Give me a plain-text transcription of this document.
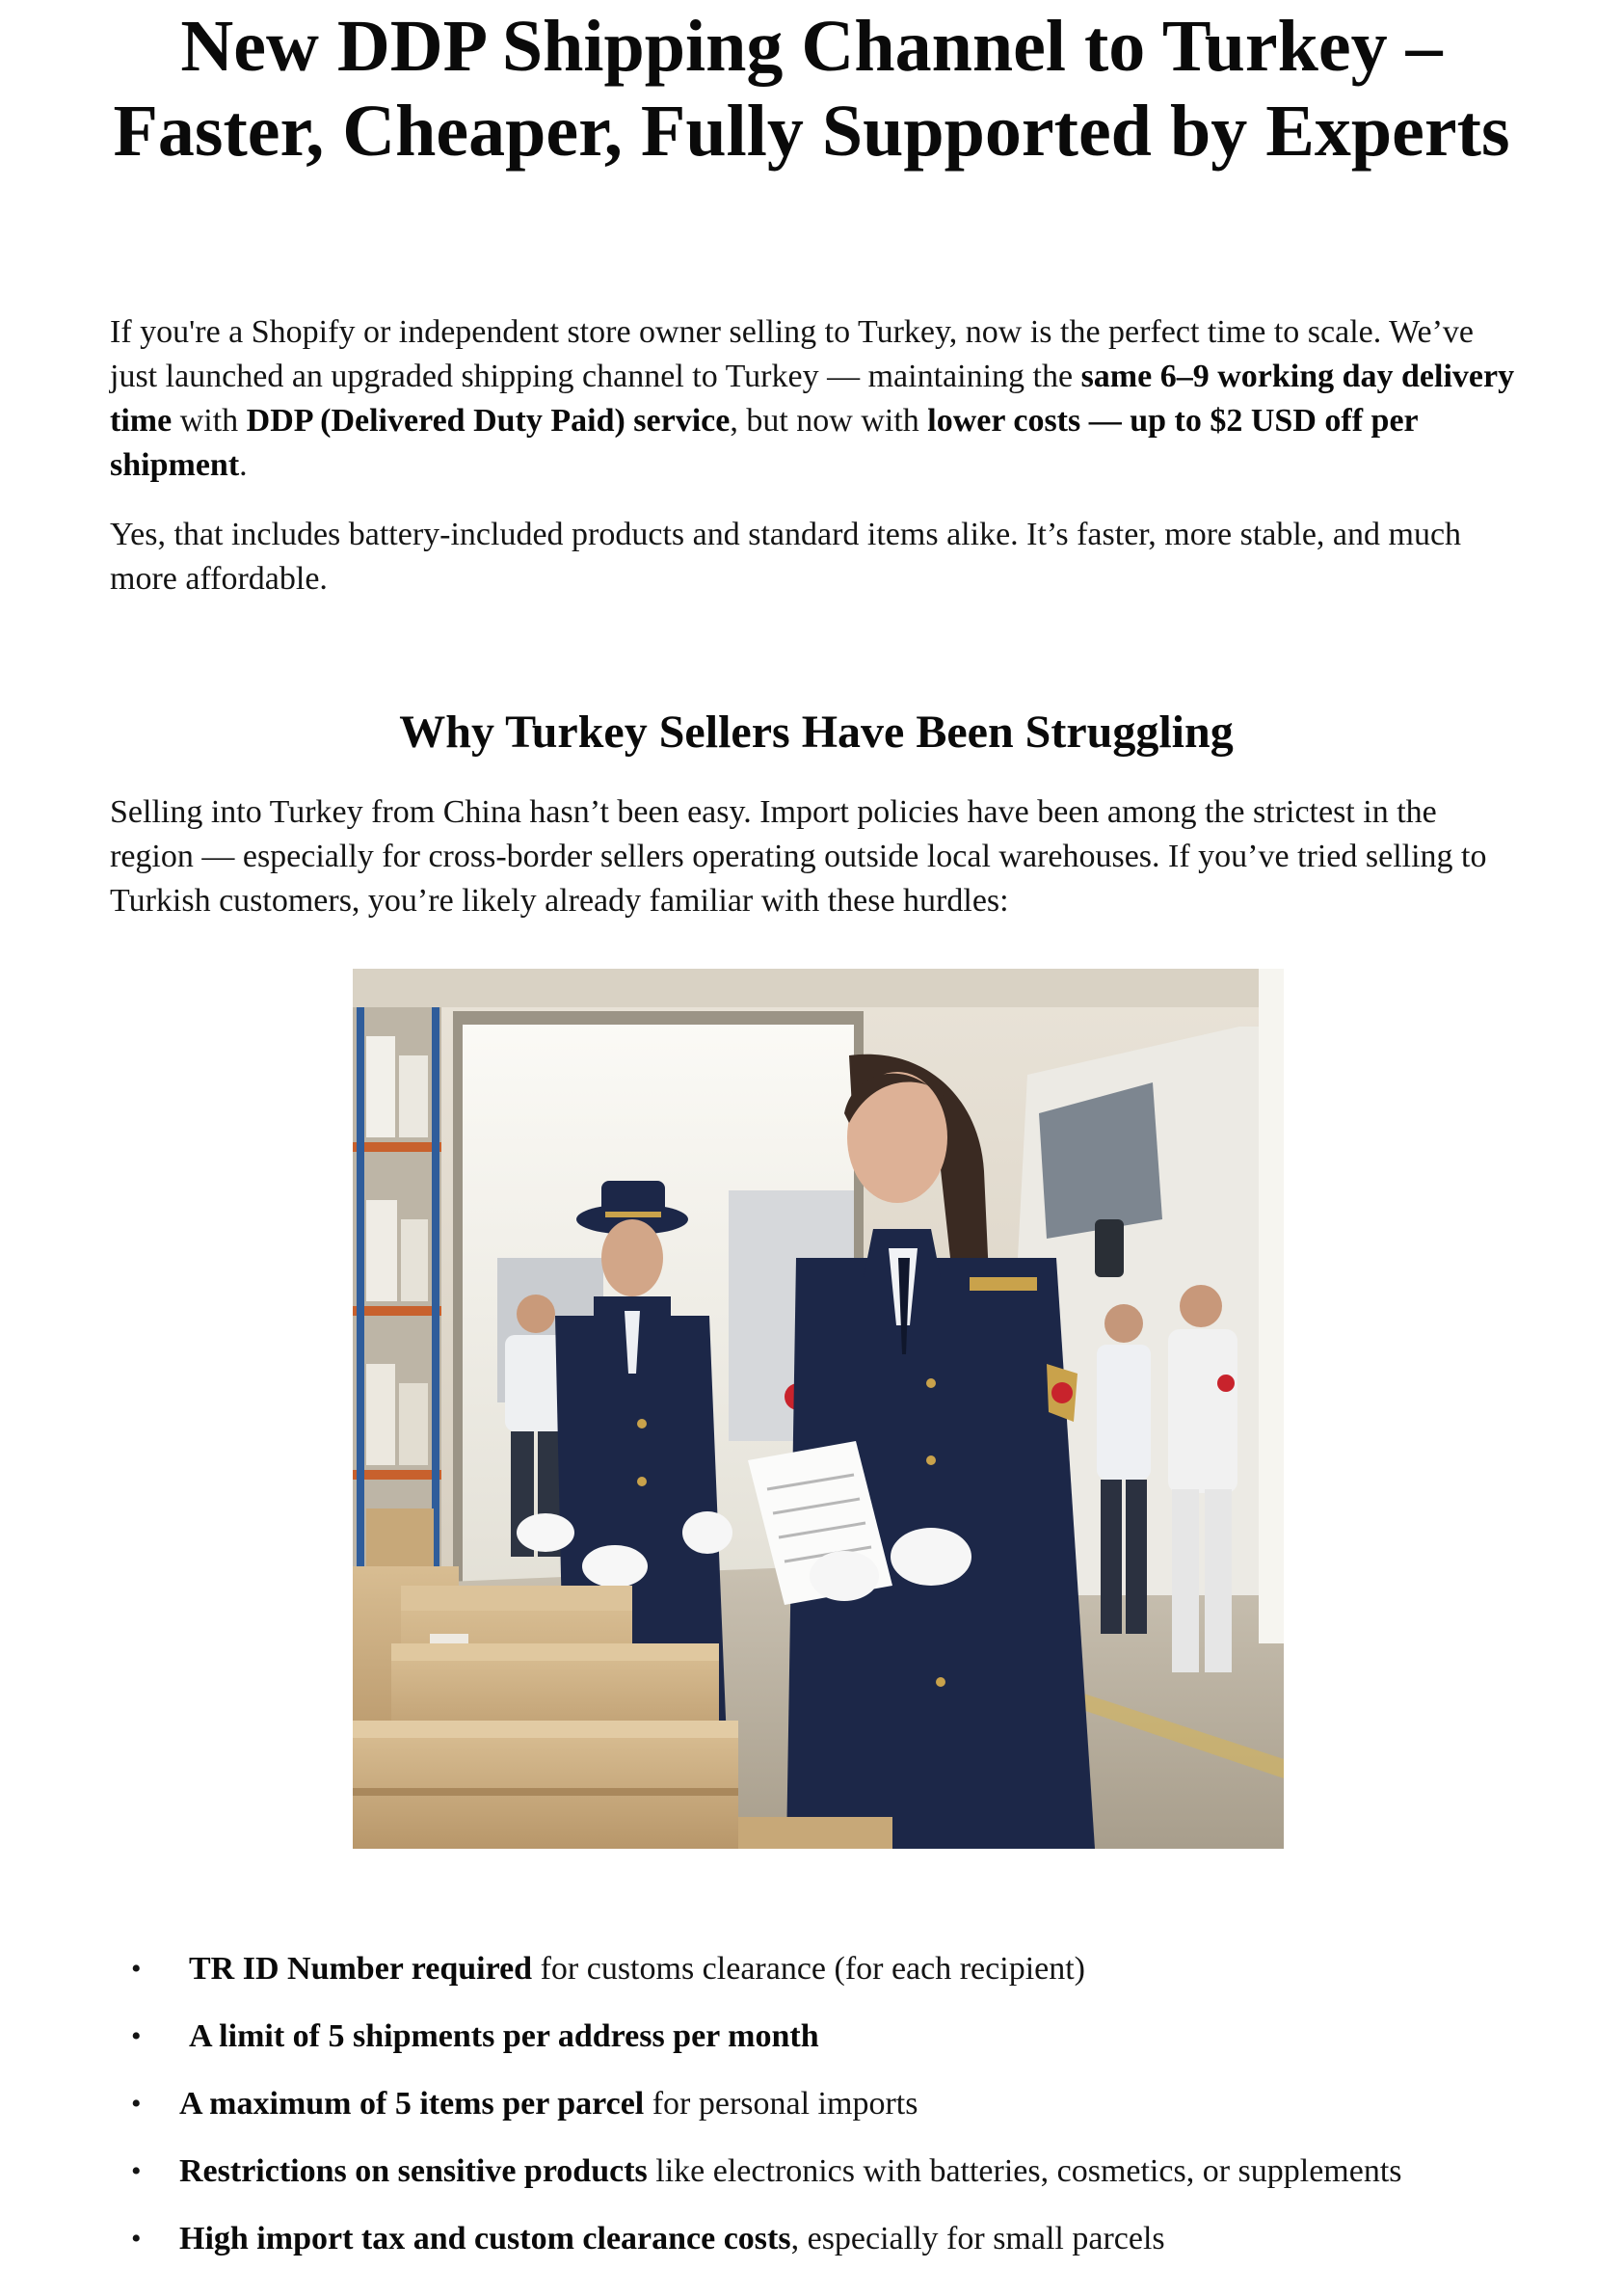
New DDP Shipping Channel to Turkey – Faster, Cheaper, Fully Supported by Experts

If you're a Shopify or independent store owner selling to Turkey, now is the perfect time to scale. We’ve just launched an upgraded shipping channel to Turkey — maintaining the same 6–9 working day delivery time with DDP (Delivered Duty Paid) service, but now with lower costs — up to $2 USD off per shipment.

Yes, that includes battery-included products and standard items alike. It’s faster, more stable, and much more affordable.

Why Turkey Sellers Have Been Struggling

Selling into Turkey from China hasn’t been easy. Import policies have been among the strictest in the region — especially for cross-border sellers operating outside local warehouses. If you’ve tried selling to Turkish customers, you’re likely already familiar with these hurdles:

• TR ID Number required for customs clearance (for each recipient)
• A limit of 5 shipments per address per month
• A maximum of 5 items per parcel for personal imports
• Restrictions on sensitive products like electronics with batteries, cosmetics, or supplements
• High import tax and custom clearance costs, especially for small parcels
